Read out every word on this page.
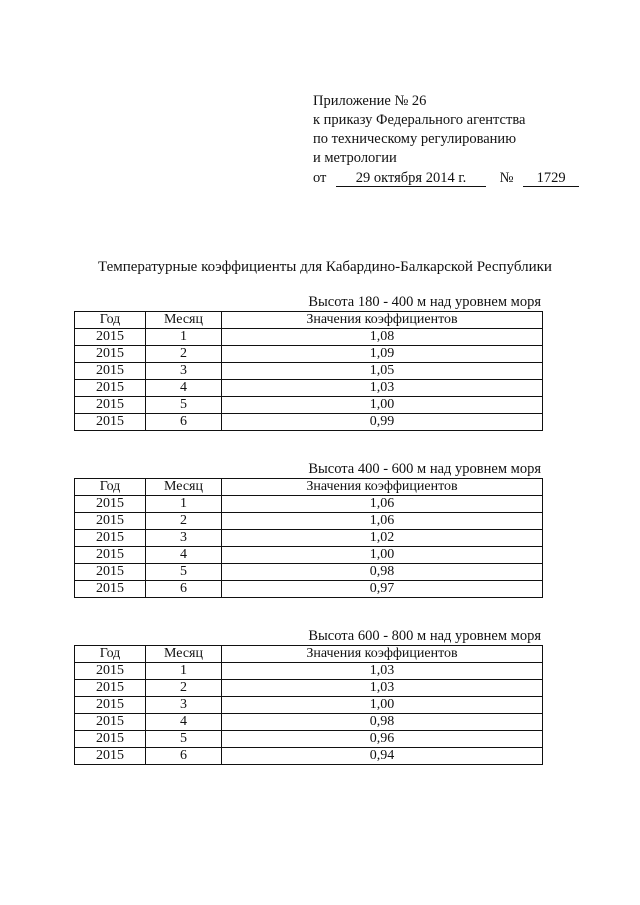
Приложение № 26
к приказу Федерального агентства
по техническому регулированию
и метрологии
от 29 октября 2014 г. № 1729
Температурные коэффициенты для Кабардино-Балкарской Республики
Высота 180 - 400 м над уровнем моря
Год	Месяц	Значения коэффициентов
2015	1	1,08
2015	2	1,09
2015	3	1,05
2015	4	1,03
2015	5	1,00
2015	6	0,99
Высота 400 - 600 м над уровнем моря
Год	Месяц	Значения коэффициентов
2015	1	1,06
2015	2	1,06
2015	3	1,02
2015	4	1,00
2015	5	0,98
2015	6	0,97
Высота 600 - 800 м над уровнем моря
Год	Месяц	Значения коэффициентов
2015	1	1,03
2015	2	1,03
2015	3	1,00
2015	4	0,98
2015	5	0,96
2015	6	0,94
